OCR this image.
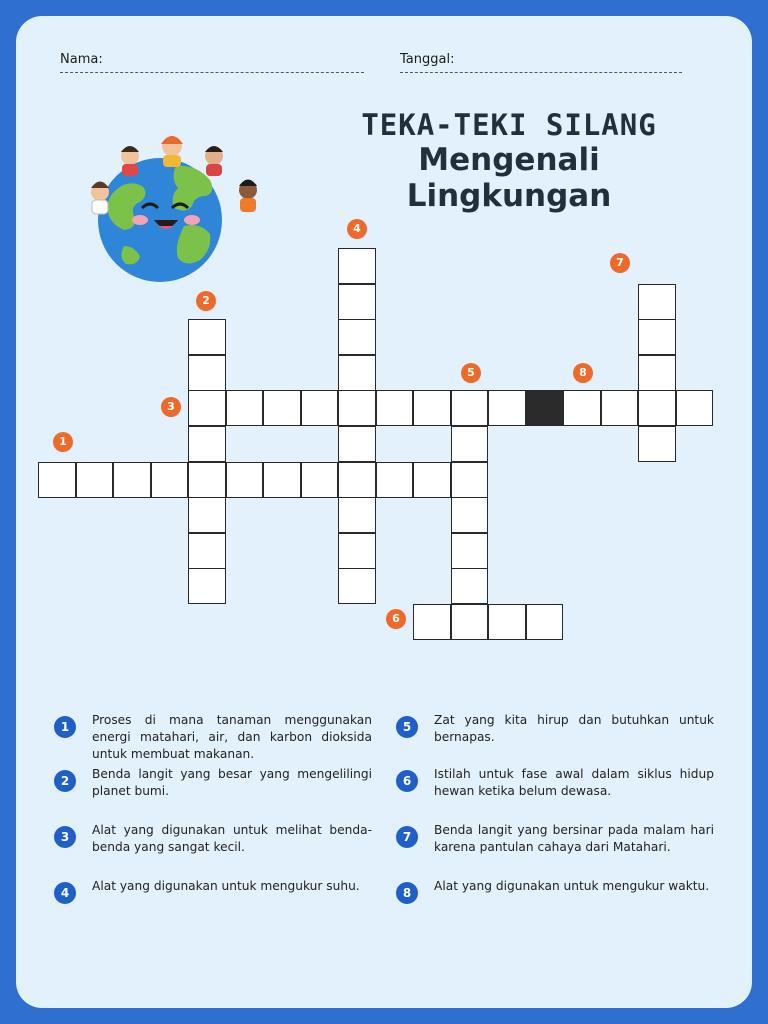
Nama:	Tanggal:
TEKA-TEKI SILANG
Mengenali Lingkungan
1
2
3
4
5
6
7
8
1	Proses di mana tanaman menggunakan energi matahari, air, dan karbon dioksida untuk membuat makanan.
2	Benda langit yang besar yang mengelilingi planet bumi.
3	Alat yang digunakan untuk melihat benda-benda yang sangat kecil.
4	Alat yang digunakan untuk mengukur suhu.
5	Zat yang kita hirup dan butuhkan untuk bernapas.
6	Istilah untuk fase awal dalam siklus hidup hewan ketika belum dewasa.
7	Benda langit yang bersinar pada malam hari karena pantulan cahaya dari Matahari.
8	Alat yang digunakan untuk mengukur waktu.
